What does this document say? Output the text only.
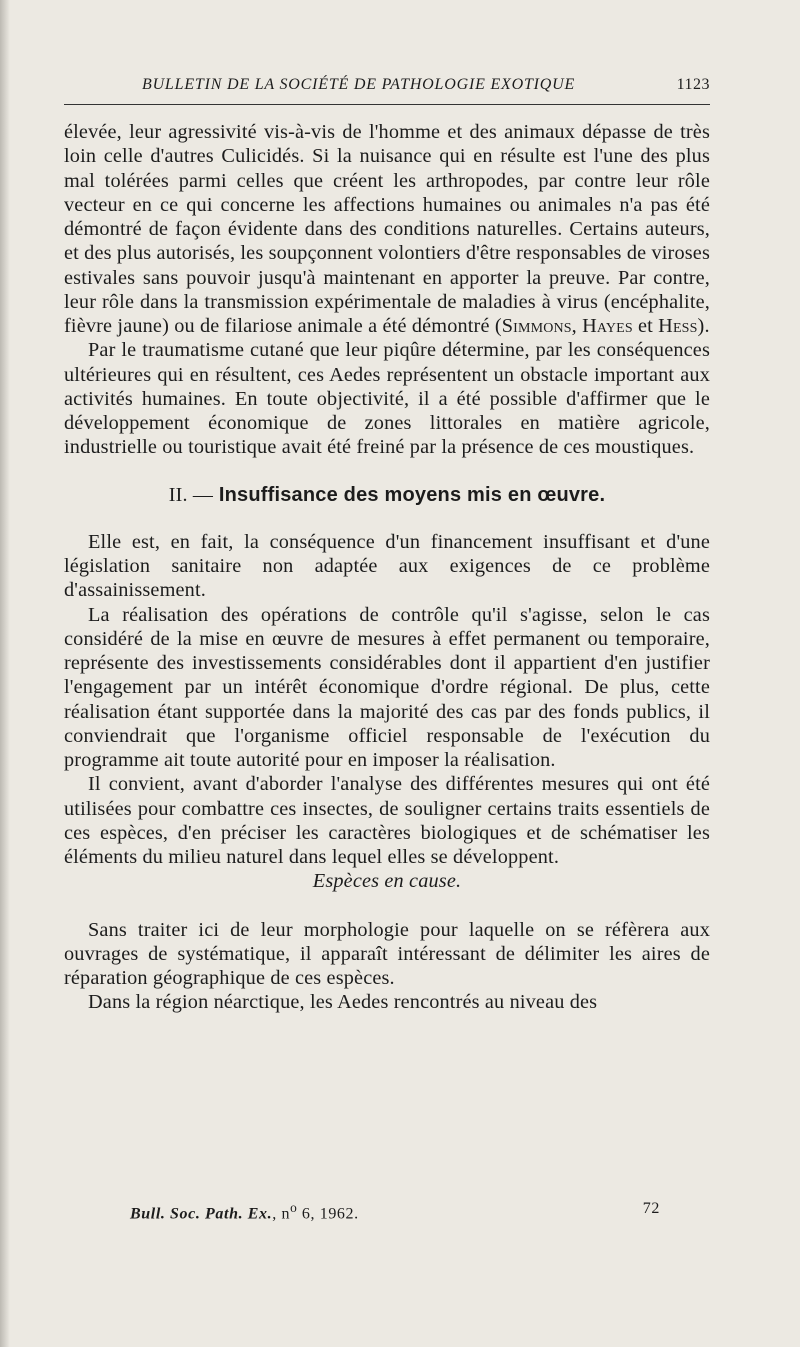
BULLETIN DE LA SOCIÉTÉ DE PATHOLOGIE EXOTIQUE	1123

élevée, leur agressivité vis-à-vis de l'homme et des animaux dépasse de très loin celle d'autres Culicidés. Si la nuisance qui en résulte est l'une des plus mal tolérées parmi celles que créent les arthropodes, par contre leur rôle vecteur en ce qui concerne les affections humaines ou animales n'a pas été démontré de façon évidente dans des conditions naturelles. Certains auteurs, et des plus autorisés, les soupçonnent volontiers d'être responsables de viroses estivales sans pouvoir jusqu'à maintenant en apporter la preuve. Par contre, leur rôle dans la transmission expérimentale de maladies à virus (encéphalite, fièvre jaune) ou de filariose animale a été démontré (Simmons, Hayes et Hess).

Par le traumatisme cutané que leur piqûre détermine, par les conséquences ultérieures qui en résultent, ces Aedes représentent un obstacle important aux activités humaines. En toute objectivité, il a été possible d'affirmer que le développement économique de zones littorales en matière agricole, industrielle ou touristique avait été freiné par la présence de ces moustiques.

II. — Insuffisance des moyens mis en œuvre.

Elle est, en fait, la conséquence d'un financement insuffisant et d'une législation sanitaire non adaptée aux exigences de ce problème d'assainissement.

La réalisation des opérations de contrôle qu'il s'agisse, selon le cas considéré de la mise en œuvre de mesures à effet permanent ou temporaire, représente des investissements considérables dont il appartient d'en justifier l'engagement par un intérêt économique d'ordre régional. De plus, cette réalisation étant supportée dans la majorité des cas par des fonds publics, il conviendrait que l'organisme officiel responsable de l'exécution du programme ait toute autorité pour en imposer la réalisation.

Il convient, avant d'aborder l'analyse des différentes mesures qui ont été utilisées pour combattre ces insectes, de souligner certains traits essentiels de ces espèces, d'en préciser les caractères biologiques et de schématiser les éléments du milieu naturel dans lequel elles se développent.

Espèces en cause.

Sans traiter ici de leur morphologie pour laquelle on se réfèrera aux ouvrages de systématique, il apparaît intéressant de délimiter les aires de réparation géographique de ces espèces.

Dans la région néarctique, les Aedes rencontrés au niveau des

Bull. Soc. Path. Ex., $n^o$ 6, 1962.	72
